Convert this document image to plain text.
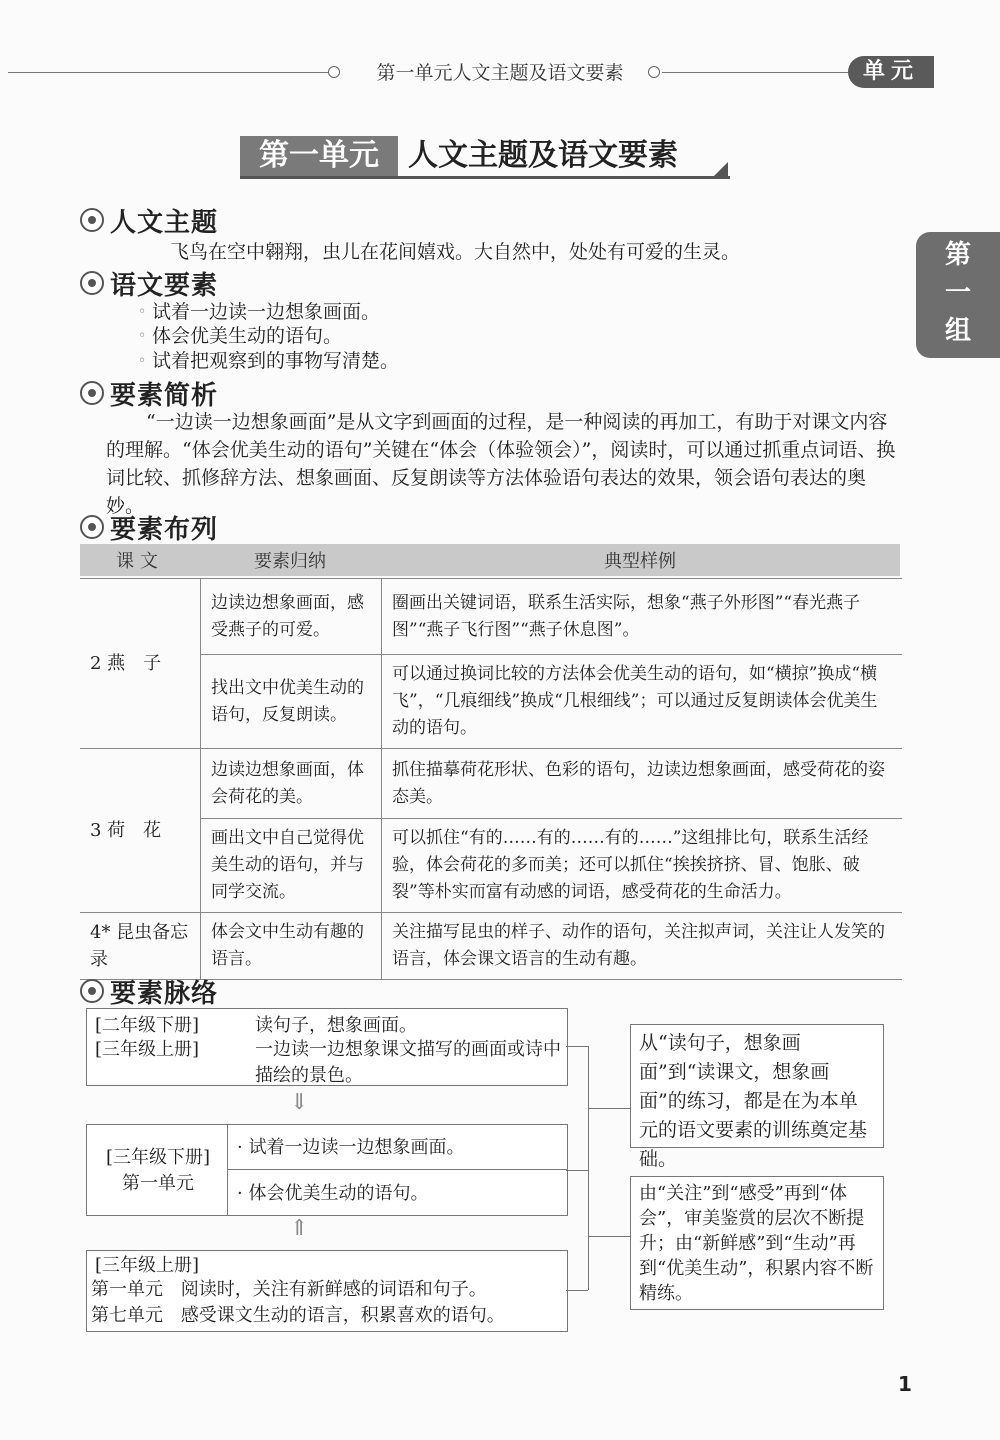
第一单元人文主题及语文要素	单元
第一单元 人文主题及语文要素
第
一
组
人文主题
飞鸟在空中翱翔，虫儿在花间嬉戏。大自然中，处处有可爱的生灵。
语文要素
◦ 试着一边读一边想象画面。
◦ 体会优美生动的语句。
◦ 试着把观察到的事物写清楚。
要素简析
“一边读一边想象画面”是从文字到画面的过程，是一种阅读的再加工，有助于对课文内容的理解。“体会优美生动的语句”关键在“体会（体验领会）”，阅读时，可以通过抓重点词语、换词比较、抓修辞方法、想象画面、反复朗读等方法体验语句表达的效果，领会语句表达的奥妙。
要素布列
课文	要素归纳	典型样例
2 燕　子	边读边想象画面，感受燕子的可爱。	圈画出关键词语，联系生活实际，想象“燕子外形图”“春光燕子图”“燕子飞行图”“燕子休息图”。
	找出文中优美生动的语句，反复朗读。	可以通过换词比较的方法体会优美生动的语句，如“横掠”换成“横飞”，“几痕细线”换成“几根细线”；可以通过反复朗读体会优美生动的语句。
3 荷　花	边读边想象画面，体会荷花的美。	抓住描摹荷花形状、色彩的语句，边读边想象画面，感受荷花的姿态美。
	画出文中自己觉得优美生动的语句，并与同学交流。	可以抓住“有的……有的……有的……”这组排比句，联系生活经验，体会荷花的多而美；还可以抓住“挨挨挤挤、冒、饱胀、破裂”等朴实而富有动感的词语，感受荷花的生命活力。
4* 昆虫备忘录	体会文中生动有趣的语言。	关注描写昆虫的样子、动作的语句，关注拟声词，关注让人发笑的语言，体会课文语言的生动有趣。
要素脉络
[二年级下册]
[三年级上册]
读句子，想象画面。
一边读一边想象课文描写的画面或诗中描绘的景色。
⇓
[三年级下册]
第一单元
· 试着一边读一边想象画面。
· 体会优美生动的语句。
⇑
[三年级上册]
第一单元 阅读时，关注有新鲜感的词语和句子。
第七单元 感受课文生动的语言，积累喜欢的语句。
从“读句子，想象画面”到“读课文，想象画面”的练习，都是在为本单元的语文要素的训练奠定基础。
由“关注”到“感受”再到“体会”，审美鉴赏的层次不断提升；由“新鲜感”到“生动”再到“优美生动”，积累内容不断精练。
1
